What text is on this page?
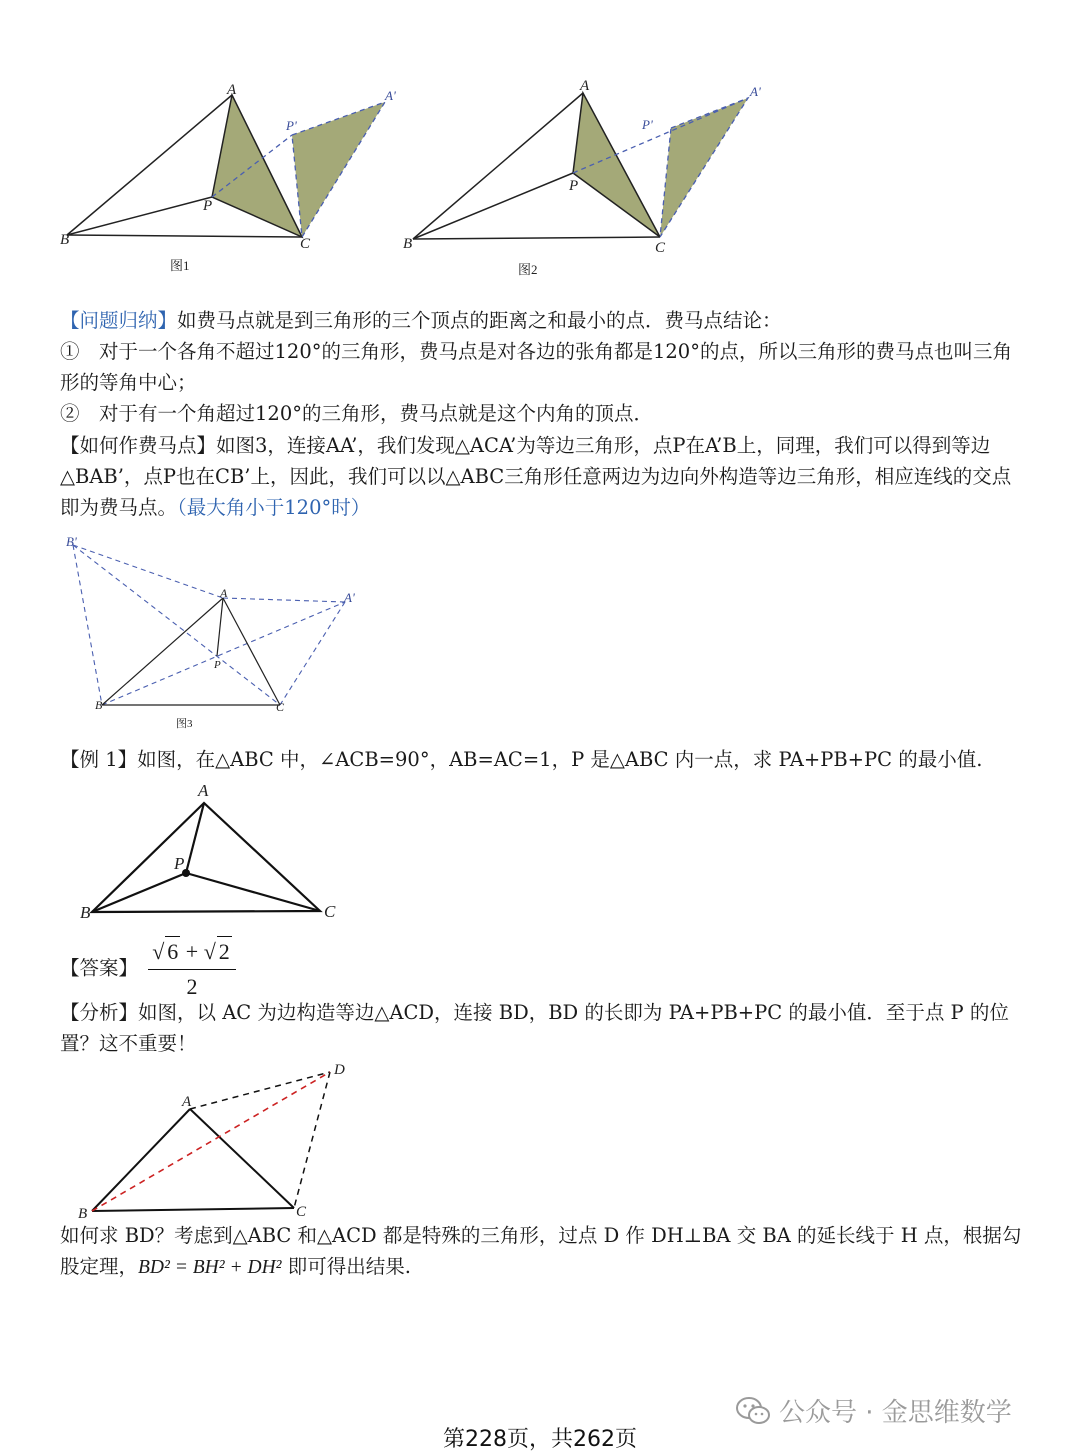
A
B	C
P
A'
P'
图1
A
B	C
P
A'
P'
图2
【问题归纳】如费马点就是到三角形的三个顶点的距离之和最小的点．费马点结论：
①　对于一个各角不超过120°的三角形，费马点是对各边的张角都是120°的点，所以三角形的费马点也叫三角形的等角中心；
②　对于有一个角超过120°的三角形，费马点就是这个内角的顶点．
【如何作费马点】如图3，连接AA’，我们发现△ACA’为等边三角形，点P在A’B上，同理，我们可以得到等边△BAB’，点P也在CB’上，因此，我们可以以△ABC三角形任意两边为边向外构造等边三角形，相应连线的交点即为费马点。（最大角小于120°时）
B'
A	A'
B	C
P
图3
【例 1】如图，在△ABC 中，∠ACB=90°，AB=AC=1，P 是△ABC 内一点，求 PA+PB+PC 的最小值.
A
B	C
P
【答案】 $\frac{√ 6 + √ 2}{2}$
【分析】如图，以 AC 为边构造等边△ACD，连接 BD，BD 的长即为 PA+PB+PC 的最小值．至于点 P 的位置？这不重要！
A
B	C
D
如何求 BD？考虑到△ABC 和△ACD 都是特殊的三角形，过点 D 作 DH⊥BA 交 BA 的延长线于 H 点，根据勾股定理，BD² = BH² + DH² 即可得出结果.
公众号 · 金思维数学
第228页，共262页
